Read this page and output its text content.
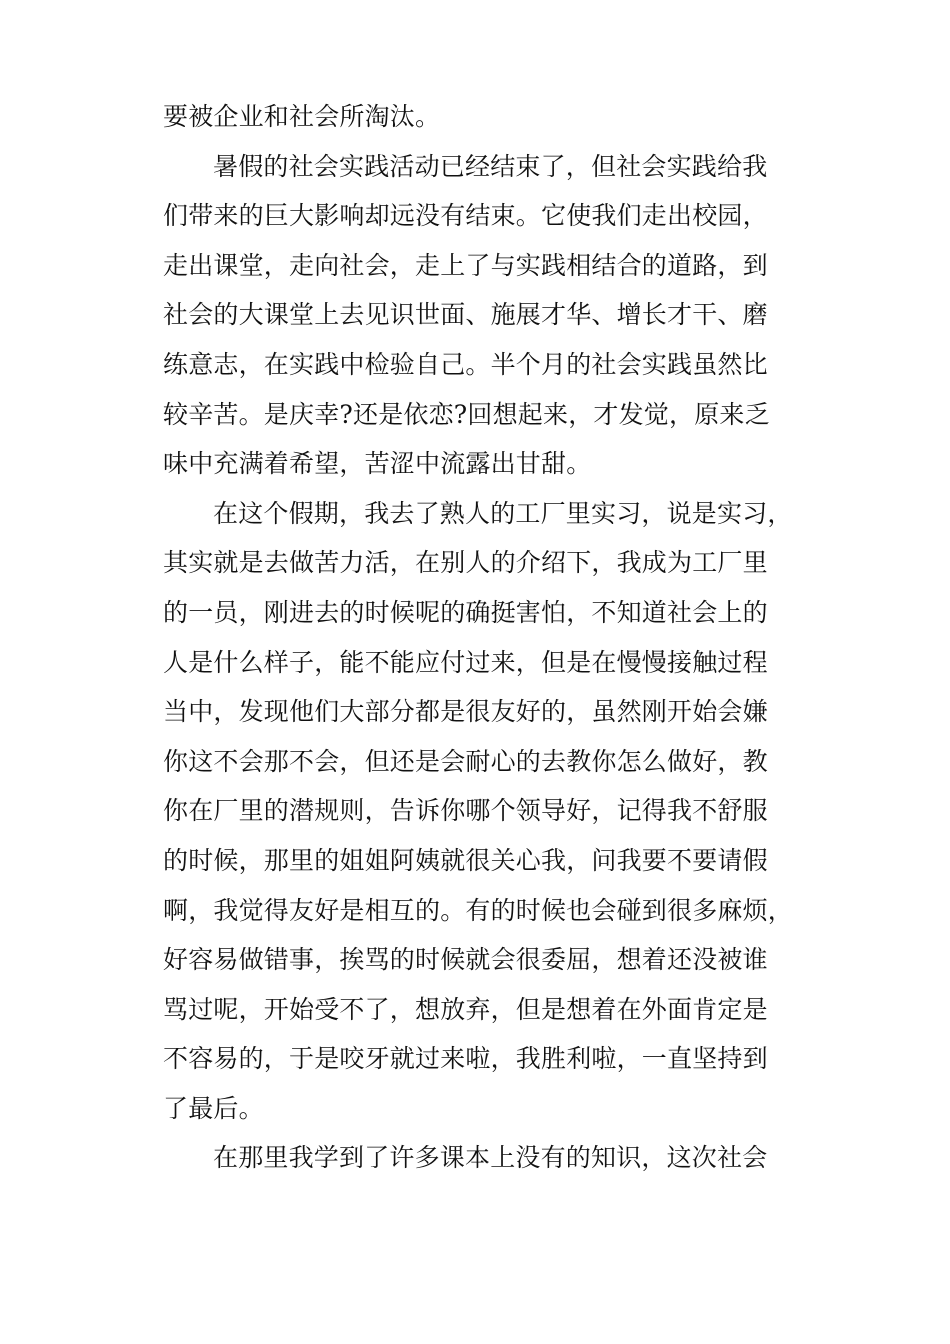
要被企业和社会所淘汰。
暑假的社会实践活动已经结束了，但社会实践给我
们带来的巨大影响却远没有结束。它使我们走出校园，
走出课堂，走向社会，走上了与实践相结合的道路，到
社会的大课堂上去见识世面、施展才华、增长才干、磨
练意志，在实践中检验自己。半个月的社会实践虽然比
较辛苦。是庆幸?还是依恋?回想起来，才发觉，原来乏
味中充满着希望，苦涩中流露出甘甜。
在这个假期，我去了熟人的工厂里实习，说是实习，
其实就是去做苦力活，在别人的介绍下，我成为工厂里
的一员，刚进去的时候呢的确挺害怕，不知道社会上的
人是什么样子，能不能应付过来，但是在慢慢接触过程
当中，发现他们大部分都是很友好的，虽然刚开始会嫌
你这不会那不会，但还是会耐心的去教你怎么做好，教
你在厂里的潜规则，告诉你哪个领导好，记得我不舒服
的时候，那里的姐姐阿姨就很关心我，问我要不要请假
啊，我觉得友好是相互的。有的时候也会碰到很多麻烦，
好容易做错事，挨骂的时候就会很委屈，想着还没被谁
骂过呢，开始受不了，想放弃，但是想着在外面肯定是
不容易的，于是咬牙就过来啦，我胜利啦，一直坚持到
了最后。
在那里我学到了许多课本上没有的知识，这次社会
